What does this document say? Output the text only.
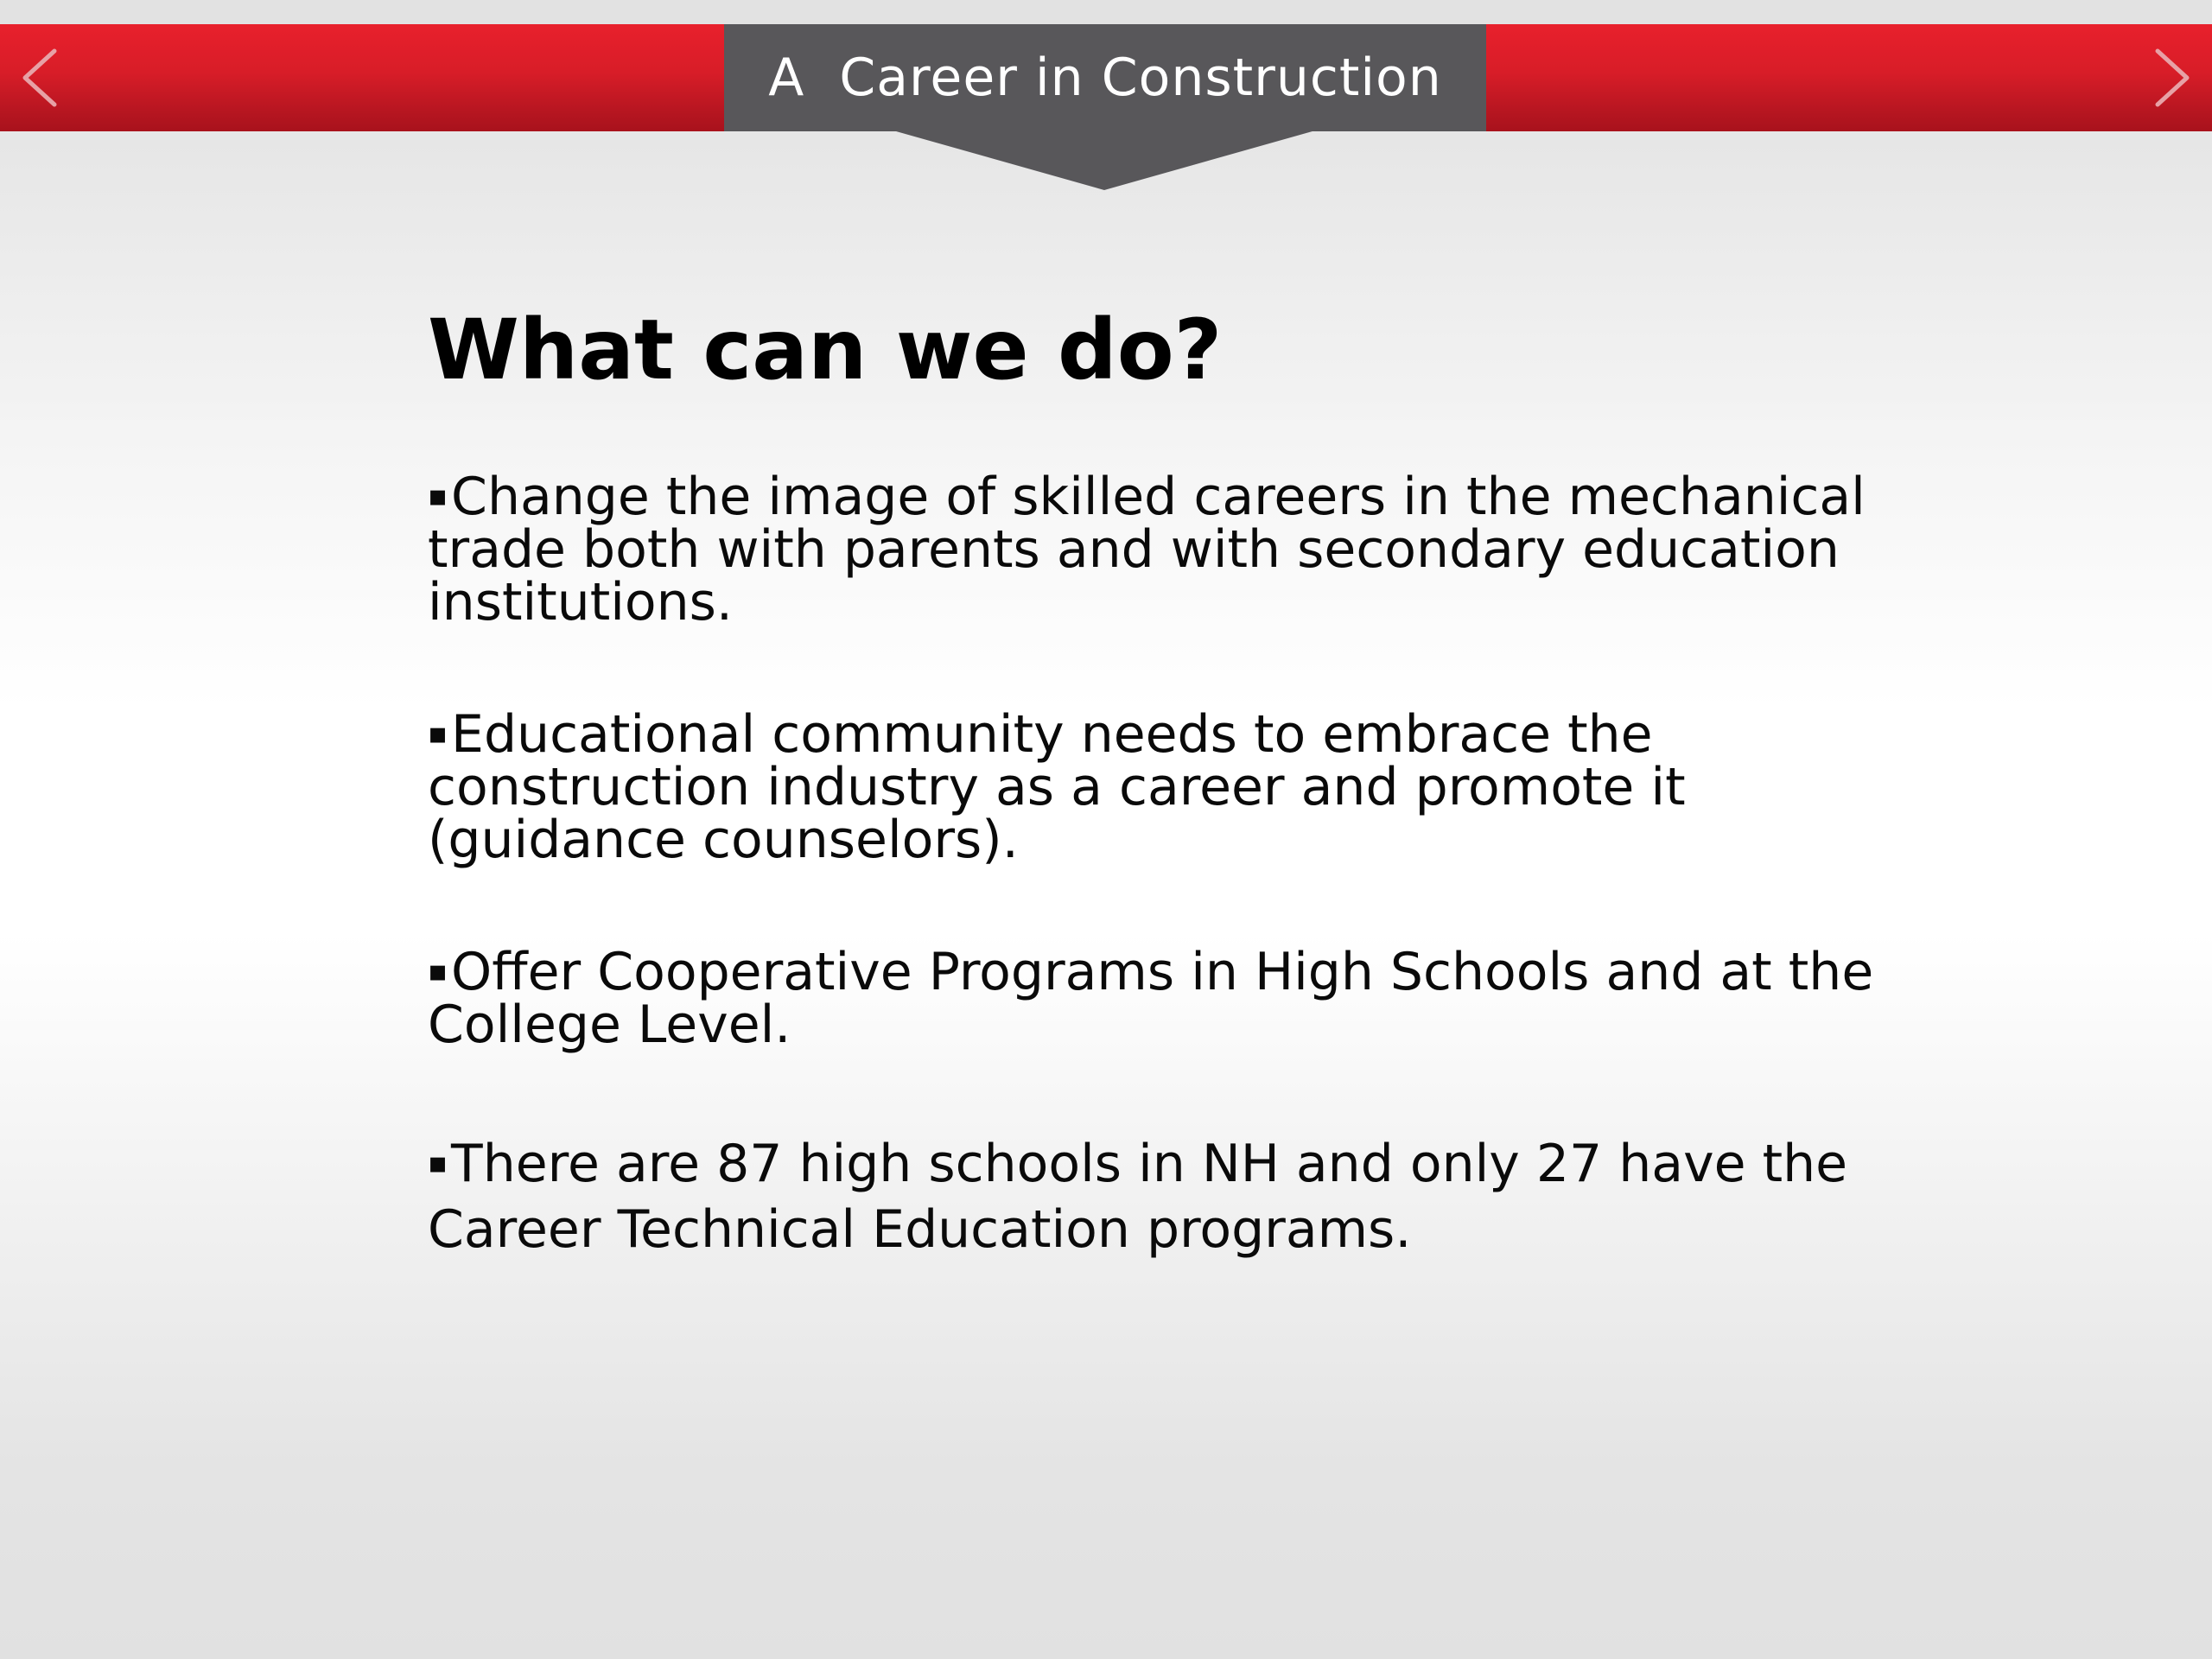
A  Career in Construction
What can we do?
▪Change the image of skilled careers in the mechanical trade both with parents and with secondary education institutions.
▪Educational community needs to embrace the construction industry as a career and promote it (guidance counselors).
▪Offer Cooperative Programs in High Schools and at the College Level.
▪There are 87 high schools in NH and only 27 have the Career Technical Education programs.
